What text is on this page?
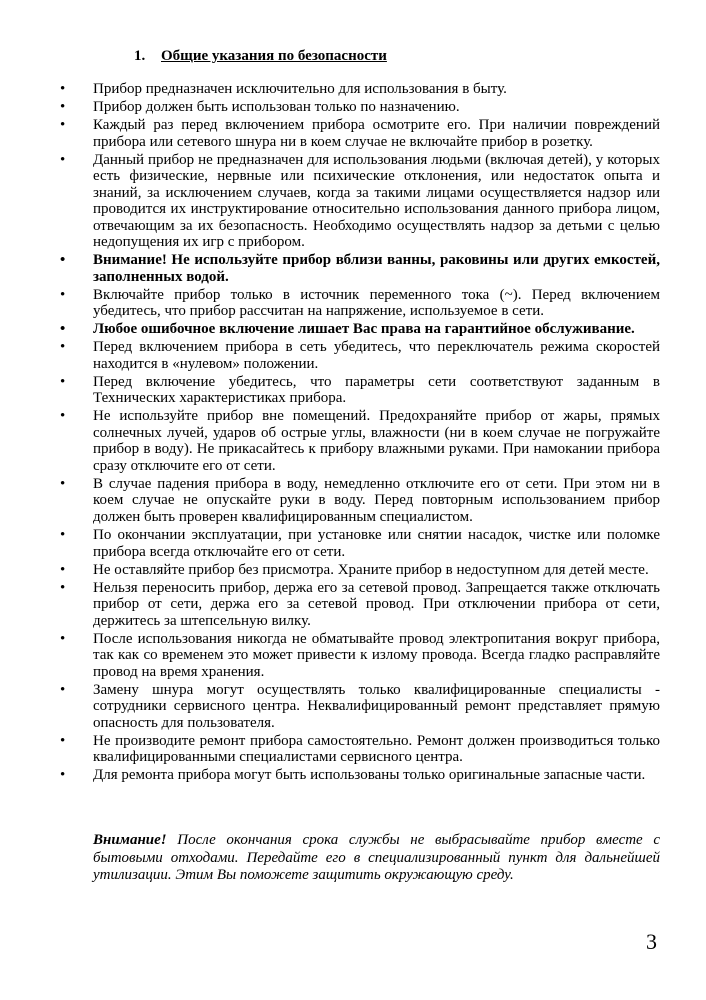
1. Общие указания по безопасности
• Прибор предназначен исключительно для использования в быту.
• Прибор должен быть использован только по назначению.
• Каждый раз перед включением прибора осмотрите его. При наличии повреждений прибора или сетевого шнура ни в коем случае не включайте прибор в розетку.
• Данный прибор не предназначен для использования людьми (включая детей), у которых есть физические, нервные или психические отклонения, или недостаток опыта и знаний, за исключением случаев, когда за такими лицами осуществляется надзор или проводится их инструктирование относительно использования данного прибора лицом, отвечающим за их безопасность. Необходимо осуществлять надзор за детьми с целью недопущения их игр с прибором.
• Внимание! Не используйте прибор вблизи ванны, раковины или других емкостей, заполненных водой.
• Включайте прибор только в источник переменного тока (~). Перед включением убедитесь, что прибор рассчитан на напряжение, используемое в сети.
• Любое ошибочное включение лишает Вас права на гарантийное обслуживание.
• Перед включением прибора в сеть убедитесь, что переключатель режима скоростей находится в «нулевом» положении.
• Перед включение убедитесь, что параметры сети соответствуют заданным в Технических характеристиках прибора.
• Не используйте прибор вне помещений. Предохраняйте прибор от жары, прямых солнечных лучей, ударов об острые углы, влажности (ни в коем случае не погружайте прибор в воду). Не прикасайтесь к прибору влажными руками. При намокании прибора сразу отключите его от сети.
• В случае падения прибора в воду, немедленно отключите его от сети. При этом ни в коем случае не опускайте руки в воду. Перед повторным использованием прибор должен быть проверен квалифицированным специалистом.
• По окончании эксплуатации, при установке или снятии насадок, чистке или поломке прибора всегда отключайте его от сети.
• Не оставляйте прибор без присмотра. Храните прибор в недоступном для детей месте.
• Нельзя переносить прибор, держа его за сетевой провод. Запрещается также отключать прибор от сети, держа его за сетевой провод. При отключении прибора от сети, держитесь за штепсельную вилку.
• После использования никогда не обматывайте провод электропитания вокруг прибора, так как со временем это может привести к излому провода. Всегда гладко расправляйте провод на время хранения.
• Замену шнура могут осуществлять только квалифицированные специалисты - сотрудники сервисного центра. Неквалифицированный ремонт представляет прямую опасность для пользователя.
• Не производите ремонт прибора самостоятельно. Ремонт должен производиться только квалифицированными специалистами сервисного центра.
• Для ремонта прибора могут быть использованы только оригинальные запасные части.
Внимание! После окончания срока службы не выбрасывайте прибор вместе с бытовыми отходами. Передайте его в специализированный пункт для дальнейшей утилизации. Этим Вы поможете защитить окружающую среду.
3
